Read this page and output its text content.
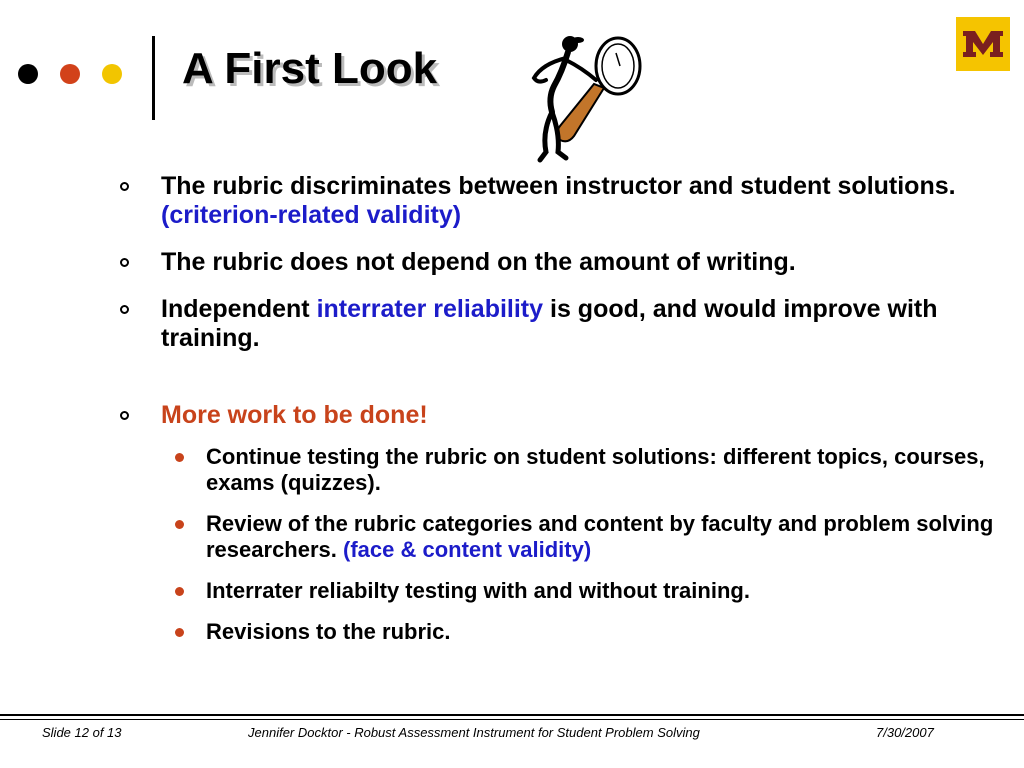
A First Look
The rubric discriminates between instructor and student solutions. (criterion-related validity)
The rubric does not depend on the amount of writing.
Independent interrater reliability is good, and would improve with training.
More work to be done!
Continue testing the rubric on student solutions: different topics, courses, exams (quizzes).
Review of the rubric categories and content by faculty and problem solving researchers. (face & content validity)
Interrater reliabilty testing with and without training.
Revisions to the rubric.
Slide 12 of 13	Jennifer Docktor - Robust Assessment Instrument for Student Problem Solving	7/30/2007
